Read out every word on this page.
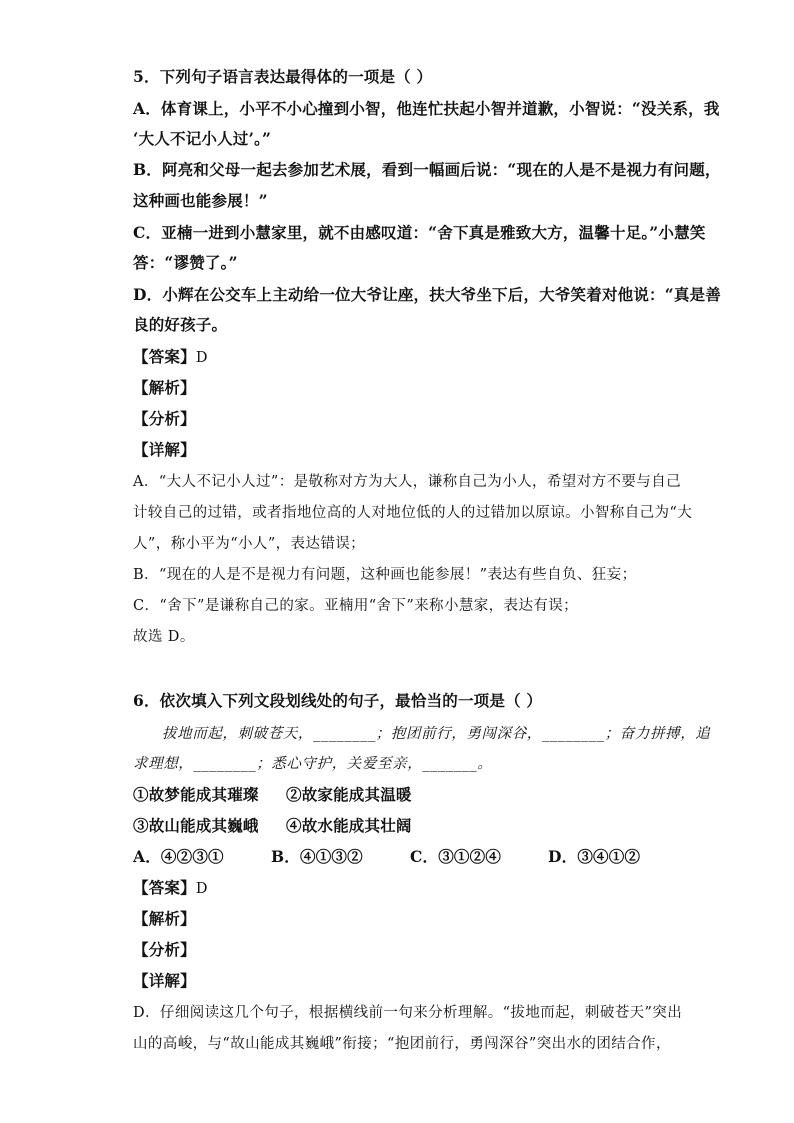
5．下列句子语言表达最得体的一项是（ ）
A．体育课上，小平不小心撞到小智，他连忙扶起小智并道歉，小智说：“没关系，我
‘大人不记小人过’。”
B．阿亮和父母一起去参加艺术展，看到一幅画后说：“现在的人是不是视力有问题，
这种画也能参展！”
C．亚楠一进到小慧家里，就不由感叹道：“舍下真是雅致大方，温馨十足。”小慧笑
答：“谬赞了。”
D．小辉在公交车上主动给一位大爷让座，扶大爷坐下后，大爷笑着对他说：“真是善
良的好孩子。
【答案】D
【解析】
【分析】
【详解】
A．“大人不记小人过”：是敬称对方为大人，谦称自己为小人，希望对方不要与自己
计较自己的过错，或者指地位高的人对地位低的人的过错加以原谅。小智称自己为“大
人”，称小平为“小人”，表达错误；
B．“现在的人是不是视力有问题，这种画也能参展！”表达有些自负、狂妄；
C．“舍下”是谦称自己的家。亚楠用“舍下”来称小慧家，表达有误；
故选 D。
6．依次填入下列文段划线处的句子，最恰当的一项是（ ）
拔地而起，刺破苍天，________；抱团前行，勇闯深谷，________；奋力拼搏，追
求理想，________；悉心守护，关爱至亲，_______。
①故梦能成其璀璨 ②故家能成其温暖
③故山能成其巍峨 ④故水能成其壮阔
A．④②③①	B．④①③②	C．③①②④	D．③④①②
【答案】D
【解析】
【分析】
【详解】
D．仔细阅读这几个句子，根据横线前一句来分析理解。“拔地而起，刺破苍天”突出
山的高峻，与“故山能成其巍峨”衔接；“抱团前行，勇闯深谷”突出水的团结合作，
